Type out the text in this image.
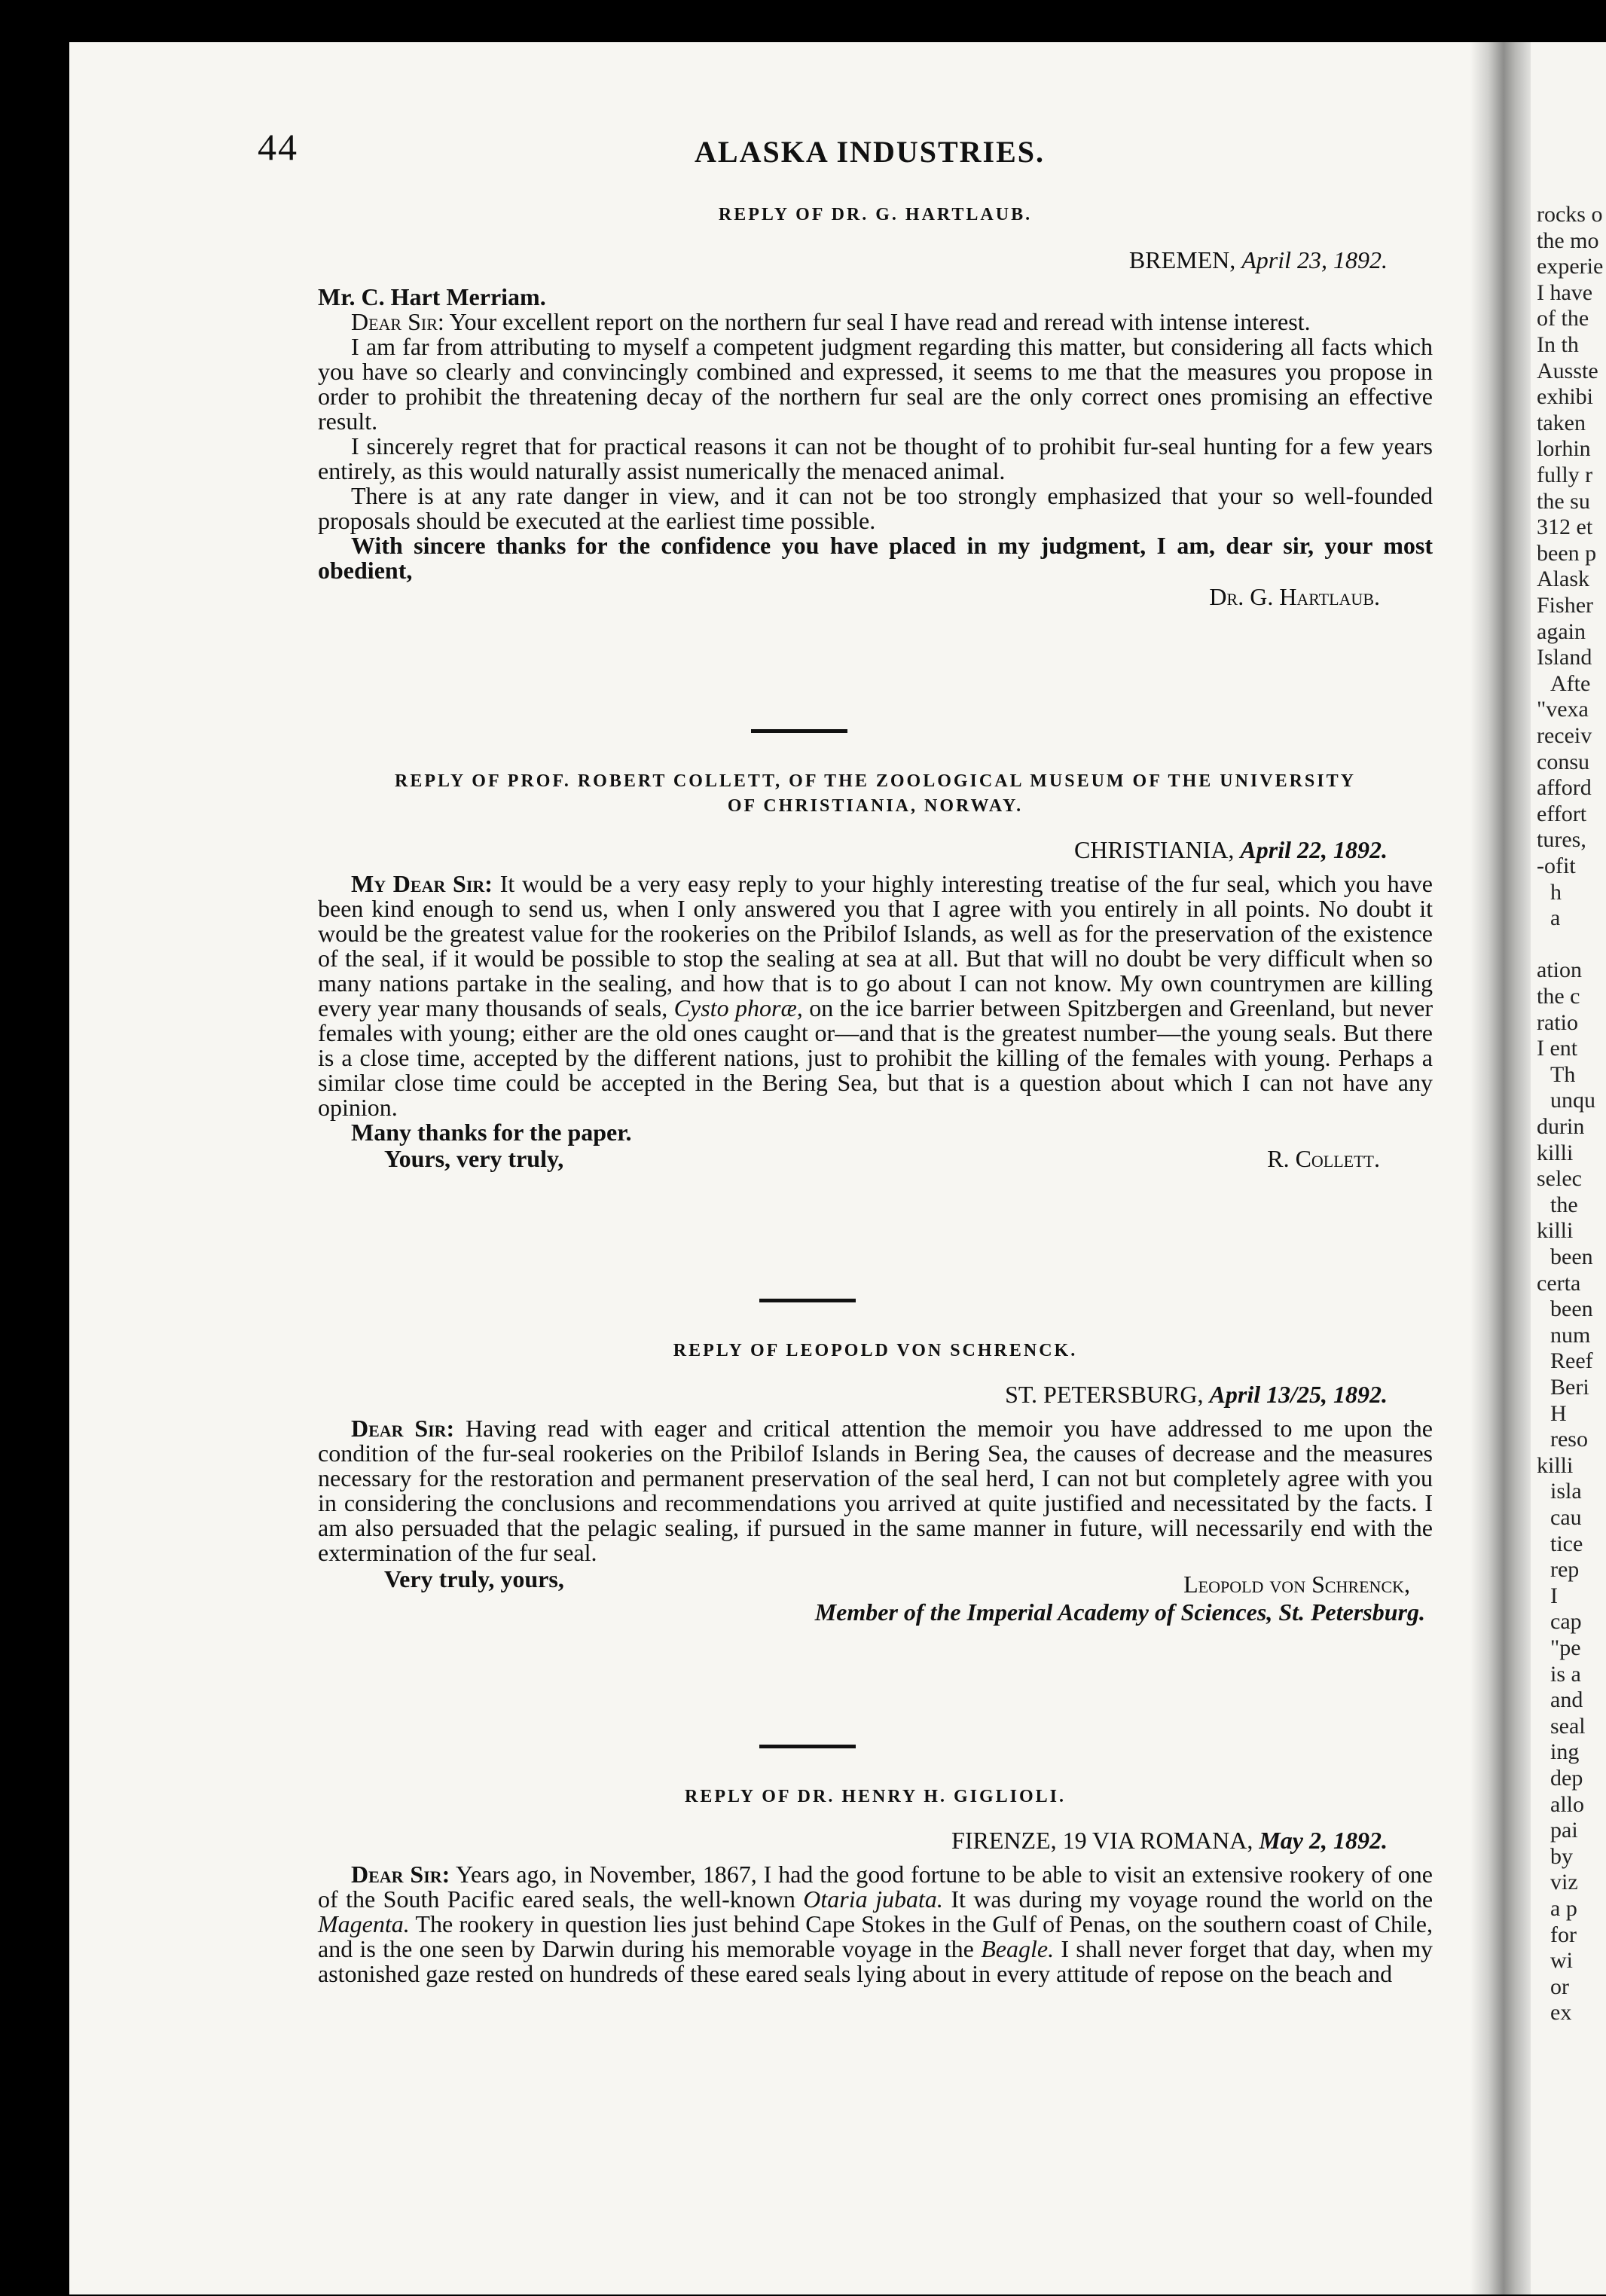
44	ALASKA INDUSTRIES.
REPLY OF DR. G. HARTLAUB.
BREMEN, April 23, 1892.
Mr. C. Hart Merriam.

Dear Sir: Your excellent report on the northern fur seal I have read and reread with intense interest.

I am far from attributing to myself a competent judgment regarding this matter, but considering all facts which you have so clearly and convincingly combined and expressed, it seems to me that the measures you propose in order to prohibit the threatening decay of the northern fur seal are the only correct ones promising an effective result.

I sincerely regret that for practical reasons it can not be thought of to prohibit fur-seal hunting for a few years entirely, as this would naturally assist numerically the menaced animal.

There is at any rate danger in view, and it can not be too strongly emphasized that your so well-founded proposals should be executed at the earliest time possible.

With sincere thanks for the confidence you have placed in my judgment, I am, dear sir, your most obedient,

Dr. G. Hartlaub.
REPLY OF PROF. ROBERT COLLETT, OF THE ZOOLOGICAL MUSEUM OF THE UNIVERSITY
OF CHRISTIANIA, NORWAY.
CHRISTIANIA, April 22, 1892.

My Dear Sir: It would be a very easy reply to your highly interesting treatise of the fur seal, which you have been kind enough to send us, when I only answered you that I agree with you entirely in all points. No doubt it would be the greatest value for the rookeries on the Pribilof Islands, as well as for the preservation of the existence of the seal, if it would be possible to stop the sealing at sea at all. But that will no doubt be very difficult when so many nations partake in the sealing, and how that is to go about I can not know. My own countrymen are killing every year many thousands of seals, Cysto phoræ, on the ice barrier between Spitzbergen and Greenland, but never females with young; either are the old ones caught or—and that is the greatest number—the young seals. But there is a close time, accepted by the different nations, just to prohibit the killing of the females with young. Perhaps a similar close time could be accepted in the Bering Sea, but that is a question about which I can not have any opinion.

Many thanks for the paper.

Yours, very truly,	R. Collett.
REPLY OF LEOPOLD VON SCHRENCK.
ST. PETERSBURG, April 13/25, 1892.

Dear Sir: Having read with eager and critical attention the memoir you have addressed to me upon the condition of the fur-seal rookeries on the Pribilof Islands in Bering Sea, the causes of decrease and the measures necessary for the restoration and permanent preservation of the seal herd, I can not but completely agree with you in considering the conclusions and recommendations you arrived at quite justified and necessitated by the facts. I am also persuaded that the pelagic sealing, if pursued in the same manner in future, will necessarily end with the extermination of the fur seal.

Very truly, yours,	Leopold von Schrenck,
Member of the Imperial Academy of Sciences, St. Petersburg.
REPLY OF DR. HENRY H. GIGLIOLI.
FIRENZE, 19 VIA ROMANA, May 2, 1892.

Dear Sir: Years ago, in November, 1867, I had the good fortune to be able to visit an extensive rookery of one of the South Pacific eared seals, the well-known Otaria jubata. It was during my voyage round the world on the Magenta. The rookery in question lies just behind Cape Stokes in the Gulf of Penas, on the southern coast of Chile, and is the one seen by Darwin during his memorable voyage in the Beagle. I shall never forget that day, when my astonished gaze rested on hundreds of these eared seals lying about in every attitude of repose on the beach and

rocks o
the mo
experie
I have
of the
In th
Ausste
exhibi
taken
lorhin
fully r
the su
312 et
been p
Alask
Fisher
again
Island
Afte
"vexa
receiv
consu
afford
effort
tures,
-ofit
h
a
ation
the c
ratio
I ent
Th
unqu
durin
killi
selec
the
killi
been
certa
been
num
Reef
Beri
H
reso
killi
isla
cau
tice
rep
I
cap
"pe
is a
and
seal
ing
dep
allo
pai
by
viz
a p
for
wi
or
ex
